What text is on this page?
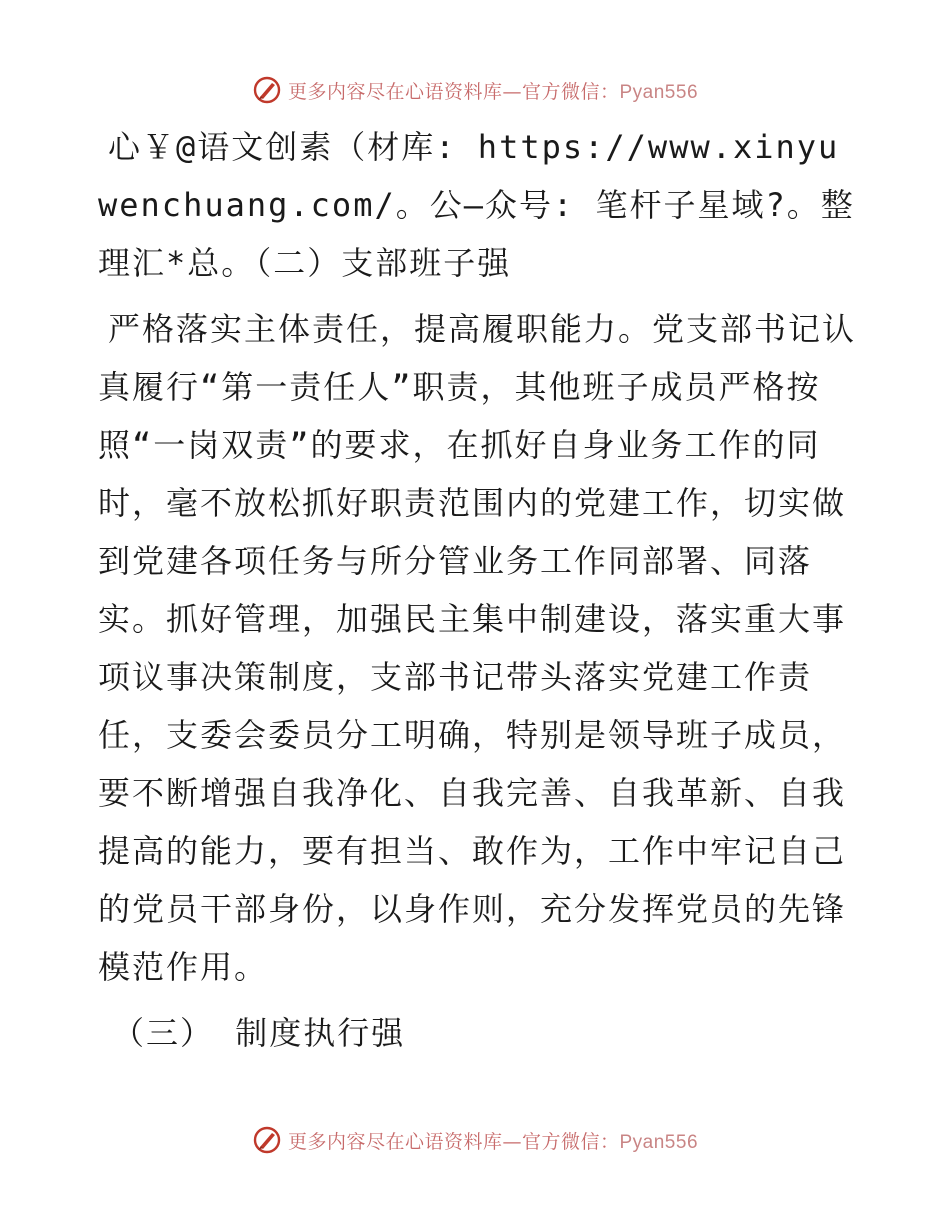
更多内容尽在心语资料库—官方微信：Pyan556

心￥@语文创素（材库: https://www.xinyuwenchuang.com/。公—众号: 笔杆子星域?。整理汇*总。（二）支部班子强

严格落实主体责任，提高履职能力。党支部书记认真履行“第一责任人”职责，其他班子成员严格按照“一岗双责”的要求，在抓好自身业务工作的同时，毫不放松抓好职责范围内的党建工作，切实做到党建各项任务与所分管业务工作同部署、同落实。抓好管理，加强民主集中制建设，落实重大事项议事决策制度，支部书记带头落实党建工作责任，支委会委员分工明确，特别是领导班子成员，要不断增强自我净化、自我完善、自我革新、自我提高的能力，要有担当、敢作为，工作中牢记自己的党员干部身份，以身作则，充分发挥党员的先锋模范作用。

（三） 制度执行强

更多内容尽在心语资料库—官方微信：Pyan556
